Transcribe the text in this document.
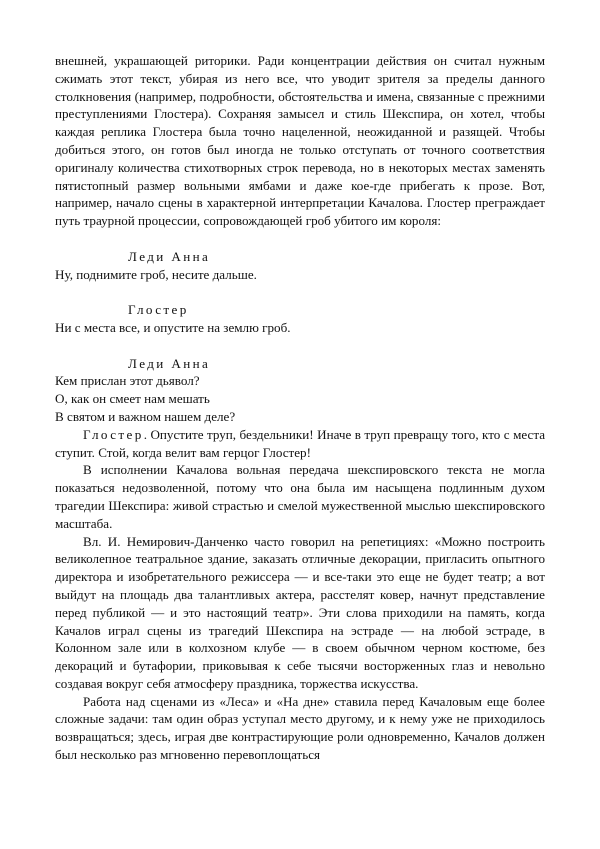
внешней, украшающей риторики. Ради концентрации действия он считал нужным сжимать этот текст, убирая из него все, что уводит зрителя за пределы данного столкновения (например, подробности, обстоятельства и имена, связанные с прежними преступлениями Глостера). Сохраняя замысел и стиль Шекспира, он хотел, чтобы каждая реплика Глостера была точно нацеленной, неожиданной и разящей. Чтобы добиться этого, он готов был иногда не только отступать от точного соответствия оригиналу количества стихотворных строк перевода, но в некоторых местах заменять пятистопный размер вольными ямбами и даже кое-где прибегать к прозе. Вот, например, начало сцены в характерной интерпретации Качалова. Глостер преграждает путь траурной процессии, сопровождающей гроб убитого им короля:

Леди Анна

Ну, поднимите гроб, несите дальше.

Глостер

Ни с места все, и опустите на землю гроб.

Леди Анна

Кем прислан этот дьявол?

О, как он смеет нам мешать

В святом и важном нашем деле?

Глостер. Опустите труп, бездельники! Иначе в труп превращу того, кто с места ступит. Стой, когда велит вам герцог Глостер!

В исполнении Качалова вольная передача шекспировского текста не могла показаться недозволенной, потому что она была им насыщена подлинным духом трагедии Шекспира: живой страстью и смелой мужественной мыслью шекспировского масштаба.

Вл. И. Немирович-Данченко часто говорил на репетициях: «Можно построить великолепное театральное здание, заказать отличные декорации, пригласить опытного директора и изобретательного режиссера — и все-таки это еще не будет театр; а вот выйдут на площадь два талантливых актера, расстелят ковер, начнут представление перед публикой — и это настоящий театр». Эти слова приходили на память, когда Качалов играл сцены из трагедий Шекспира на эстраде — на любой эстраде, в Колонном зале или в колхозном клубе — в своем обычном черном костюме, без декораций и бутафории, приковывая к себе тысячи восторженных глаз и невольно создавая вокруг себя атмосферу праздника, торжества искусства.

Работа над сценами из «Леса» и «На дне» ставила перед Качаловым еще более сложные задачи: там один образ уступал место другому, и к нему уже не приходилось возвращаться; здесь, играя две контрастирующие роли одновременно, Качалов должен был несколько раз мгновенно перевоплощаться
